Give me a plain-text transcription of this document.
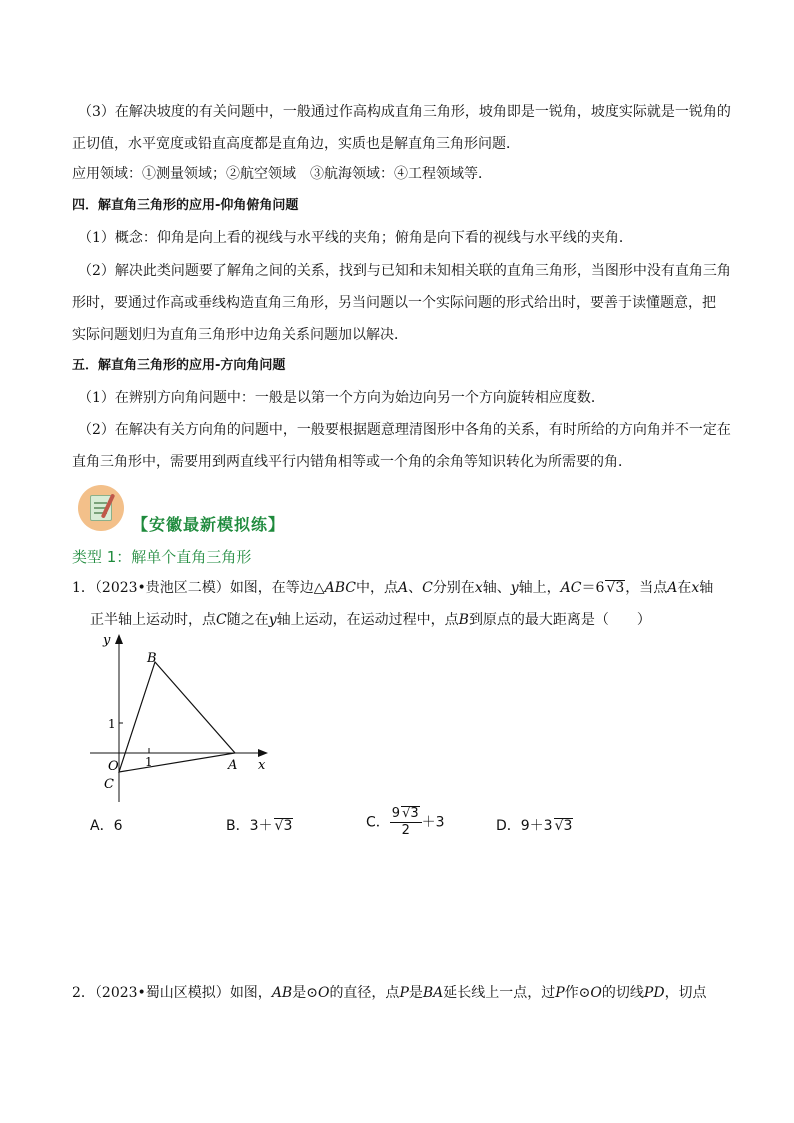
（3）在解决坡度的有关问题中，一般通过作高构成直角三角形，坡角即是一锐角，坡度实际就是一锐角的
正切值，水平宽度或铅直高度都是直角边，实质也是解直角三角形问题．
应用领域：①测量领域；②航空领域　③航海领域：④工程领域等．
四．解直角三角形的应用-仰角俯角问题
（1）概念：仰角是向上看的视线与水平线的夹角；俯角是向下看的视线与水平线的夹角．
（2）解决此类问题要了解角之间的关系，找到与已知和未知相关联的直角三角形，当图形中没有直角三角
形时，要通过作高或垂线构造直角三角形，另当问题以一个实际问题的形式给出时，要善于读懂题意，把
实际问题划归为直角三角形中边角关系问题加以解决．
五．解直角三角形的应用-方向角问题
（1）在辨别方向角问题中：一般是以第一个方向为始边向另一个方向旋转相应度数．
（2）在解决有关方向角的问题中，一般要根据题意理清图形中各角的关系，有时所给的方向角并不一定在
直角三角形中，需要用到两直线平行内错角相等或一个角的余角等知识转化为所需要的角．
【安徽最新模拟练】
类型 1：解单个直角三角形
1．（2023•贵池区二模）如图，在等边△ABC中，点A、C分别在x轴、y轴上，AC＝6 √3，当点A在x轴
正半轴上运动时，点C随之在y轴上运动，在运动过程中，点B到原点的最大距离是（　　）
y
x
B
A
O
C
1
1
A．6	B．3＋ √3	C． $\frac{9 √3}{2} +3$	D．9＋3 √3
2．（2023•蜀山区模拟）如图，AB是⊙O的直径，点P是BA延长线上一点，过P作⊙O的切线PD，切点
